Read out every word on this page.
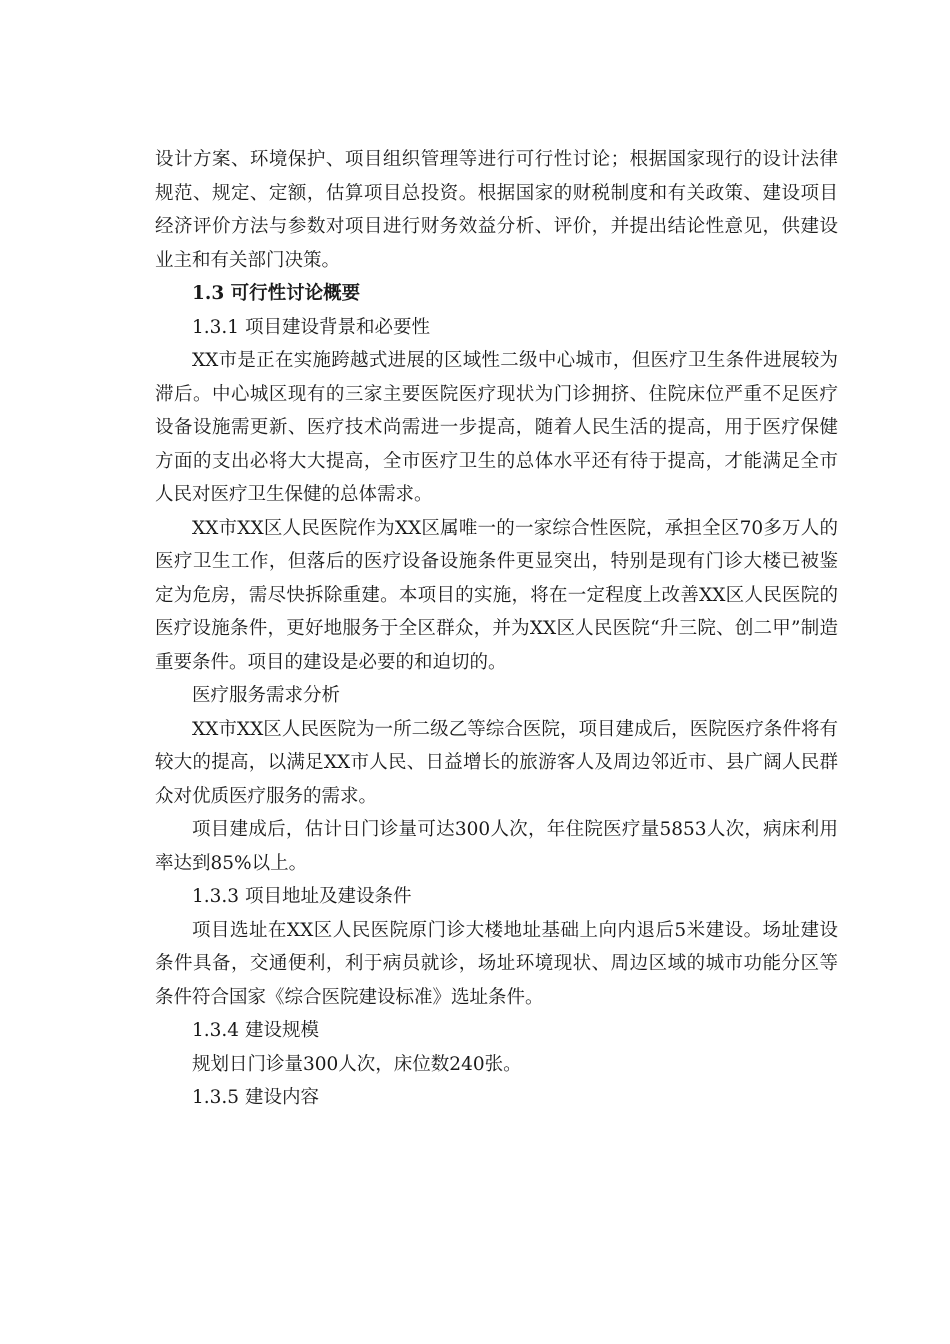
设计方案、环境保护、项目组织管理等进行可行性讨论；根据国家现行的设计法律规范、规定、定额，估算项目总投资。根据国家的财税制度和有关政策、建设项目经济评价方法与参数对项目进行财务效益分析、评价，并提出结论性意见，供建设业主和有关部门决策。

1.3 可行性讨论概要

1.3.1 项目建设背景和必要性

XX市是正在实施跨越式进展的区域性二级中心城市，但医疗卫生条件进展较为滞后。中心城区现有的三家主要医院医疗现状为门诊拥挤、住院床位严重不足医疗设备设施需更新、医疗技术尚需进一步提高，随着人民生活的提高，用于医疗保健方面的支出必将大大提高，全市医疗卫生的总体水平还有待于提高，才能满足全市人民对医疗卫生保健的总体需求。

XX市XX区人民医院作为XX区属唯一的一家综合性医院，承担全区70多万人的医疗卫生工作，但落后的医疗设备设施条件更显突出，特别是现有门诊大楼已被鉴定为危房，需尽快拆除重建。本项目的实施，将在一定程度上改善XX区人民医院的医疗设施条件，更好地服务于全区群众，并为XX区人民医院“升三院、创二甲”制造重要条件。项目的建设是必要的和迫切的。

医疗服务需求分析

XX市XX区人民医院为一所二级乙等综合医院，项目建成后，医院医疗条件将有较大的提高，以满足XX市人民、日益增长的旅游客人及周边邻近市、县广阔人民群众对优质医疗服务的需求。

项目建成后，估计日门诊量可达300人次，年住院医疗量5853人次，病床利用率达到85%以上。

1.3.3 项目地址及建设条件

项目选址在XX区人民医院原门诊大楼地址基础上向内退后5米建设。场址建设条件具备，交通便利，利于病员就诊，场址环境现状、周边区域的城市功能分区等条件符合国家《综合医院建设标准》选址条件。

1.3.4 建设规模

规划日门诊量300人次，床位数240张。

1.3.5 建设内容
